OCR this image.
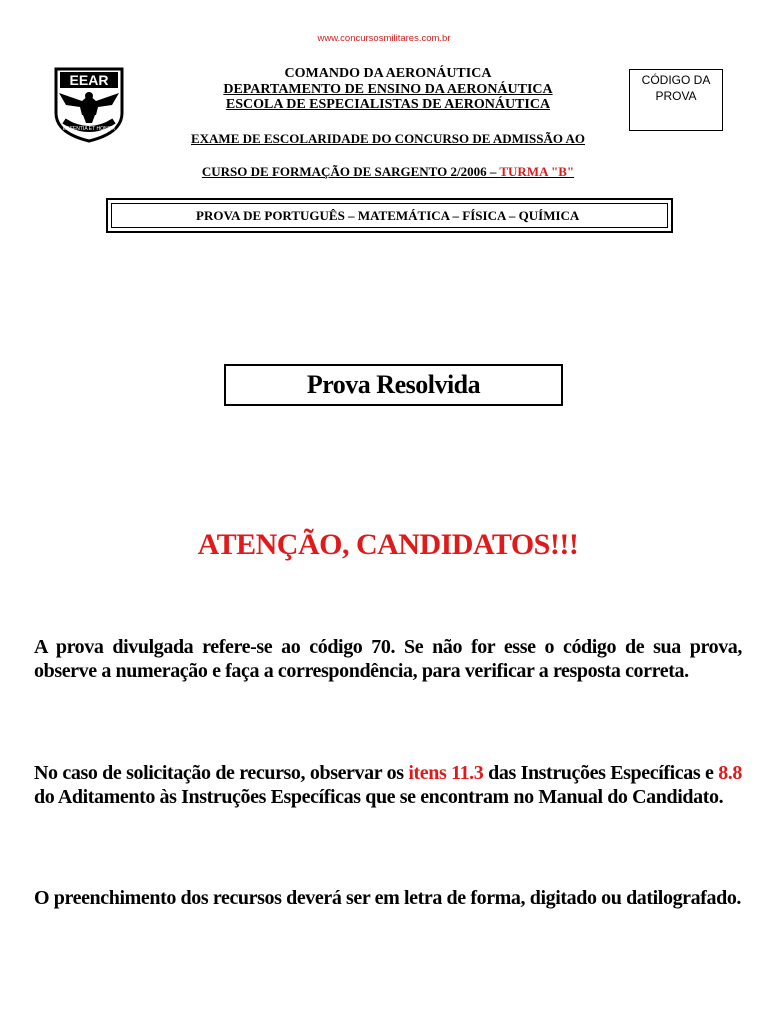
www.concursosmilitares.com.br
EEAR
ESSENTIA ET HONOR
COMANDO DA AERONÁUTICA
DEPARTAMENTO DE ENSINO DA AERONÁUTICA
ESCOLA DE ESPECIALISTAS DE AERONÁUTICA
CÓDIGO DA
PROVA
EXAME DE ESCOLARIDADE DO CONCURSO DE ADMISSÃO AO
CURSO DE FORMAÇÃO DE SARGENTO 2/2006 – TURMA "B"
PROVA DE PORTUGUÊS – MATEMÁTICA – FÍSICA – QUÍMICA
Prova Resolvida
ATENÇÃO, CANDIDATOS!!!
A prova divulgada refere-se ao código 70. Se não for esse o código de sua prova, observe a numeração e faça a correspondência, para verificar a resposta correta.
No caso de solicitação de recurso, observar os itens 11.3 das Instruções Específicas e 8.8 do Aditamento às Instruções Específicas que se encontram no Manual do Candidato.
O preenchimento dos recursos deverá ser em letra de forma, digitado ou datilografado.
